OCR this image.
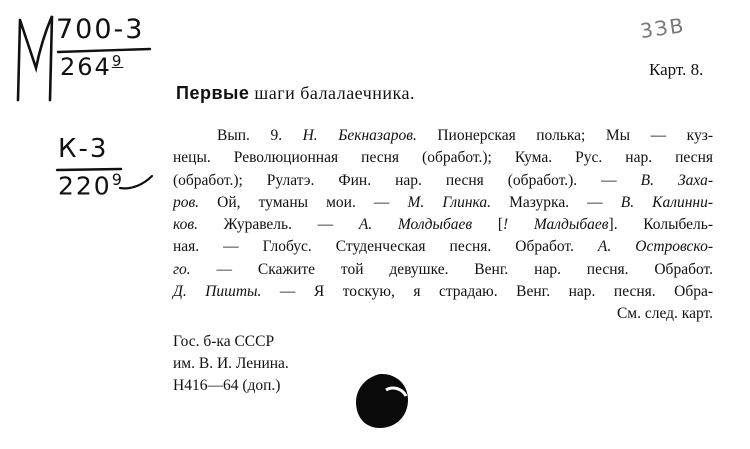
700-3
$264^9$
К-3
$220^9$
3ЗВ
Карт. 8.
Первые шаги балалаечника.
Вып. 9. Н. Бекназаров. Пионерская полька; Мы — куз-
нецы. Революционная песня (обработ.); Кума. Рус. нар. песня
(обработ.); Рулатэ. Фин. нар. песня (обработ.). — В. Заха-
ров. Ой, туманы мои. — М. Глинка. Мазурка. — В. Калинни-
ков. Журавель. — А. Молдыбаев [! Малдыбаев]. Колыбель-
ная. — Глобус. Студенческая песня. Обработ. А. Островско-
го. — Скажите той девушке. Венг. нар. песня. Обработ.
Д. Пишты. — Я тоскую, я страдаю. Венг. нар. песня. Обра-
См. след. карт.
Гос. б-ка СССР
им. В. И. Ленина.
Н416—64 (доп.)
